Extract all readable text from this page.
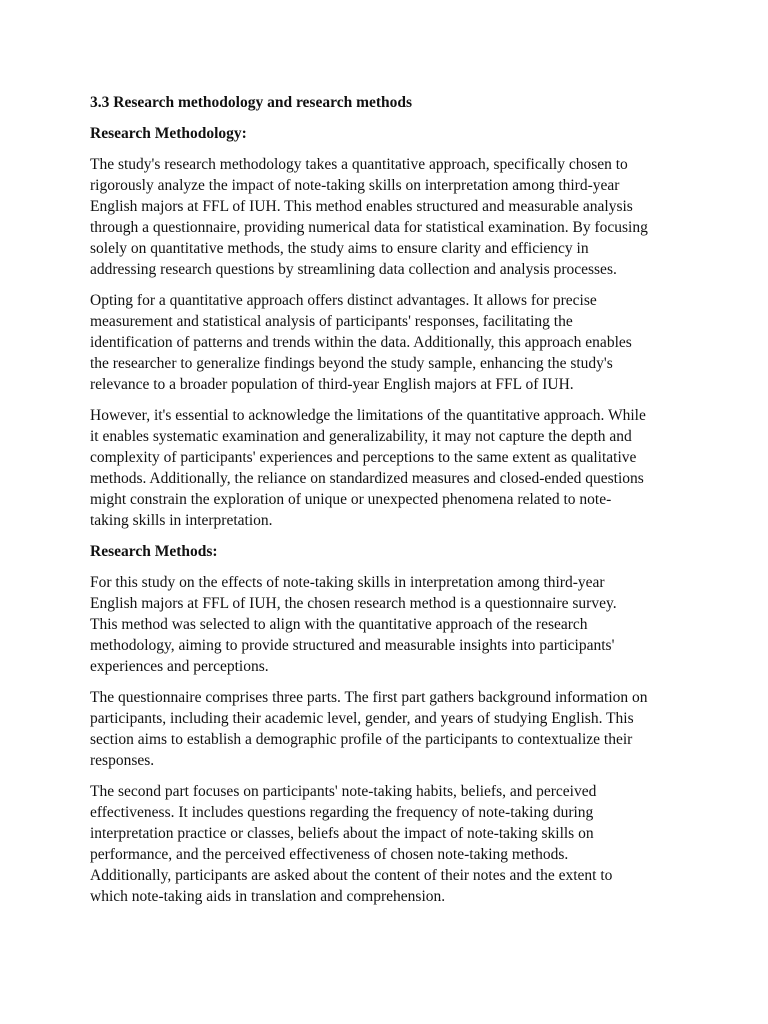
3.3 Research methodology and research methods
Research Methodology:
The study's research methodology takes a quantitative approach, specifically chosen to
rigorously analyze the impact of note-taking skills on interpretation among third-year
English majors at FFL of IUH. This method enables structured and measurable analysis
through a questionnaire, providing numerical data for statistical examination. By focusing
solely on quantitative methods, the study aims to ensure clarity and efficiency in
addressing research questions by streamlining data collection and analysis processes.
Opting for a quantitative approach offers distinct advantages. It allows for precise
measurement and statistical analysis of participants' responses, facilitating the
identification of patterns and trends within the data. Additionally, this approach enables
the researcher to generalize findings beyond the study sample, enhancing the study's
relevance to a broader population of third-year English majors at FFL of IUH.
However, it's essential to acknowledge the limitations of the quantitative approach. While
it enables systematic examination and generalizability, it may not capture the depth and
complexity of participants' experiences and perceptions to the same extent as qualitative
methods. Additionally, the reliance on standardized measures and closed-ended questions
might constrain the exploration of unique or unexpected phenomena related to note-
taking skills in interpretation.
Research Methods:
For this study on the effects of note-taking skills in interpretation among third-year
English majors at FFL of IUH, the chosen research method is a questionnaire survey.
This method was selected to align with the quantitative approach of the research
methodology, aiming to provide structured and measurable insights into participants'
experiences and perceptions.
The questionnaire comprises three parts. The first part gathers background information on
participants, including their academic level, gender, and years of studying English. This
section aims to establish a demographic profile of the participants to contextualize their
responses.
The second part focuses on participants' note-taking habits, beliefs, and perceived
effectiveness. It includes questions regarding the frequency of note-taking during
interpretation practice or classes, beliefs about the impact of note-taking skills on
performance, and the perceived effectiveness of chosen note-taking methods.
Additionally, participants are asked about the content of their notes and the extent to
which note-taking aids in translation and comprehension.
